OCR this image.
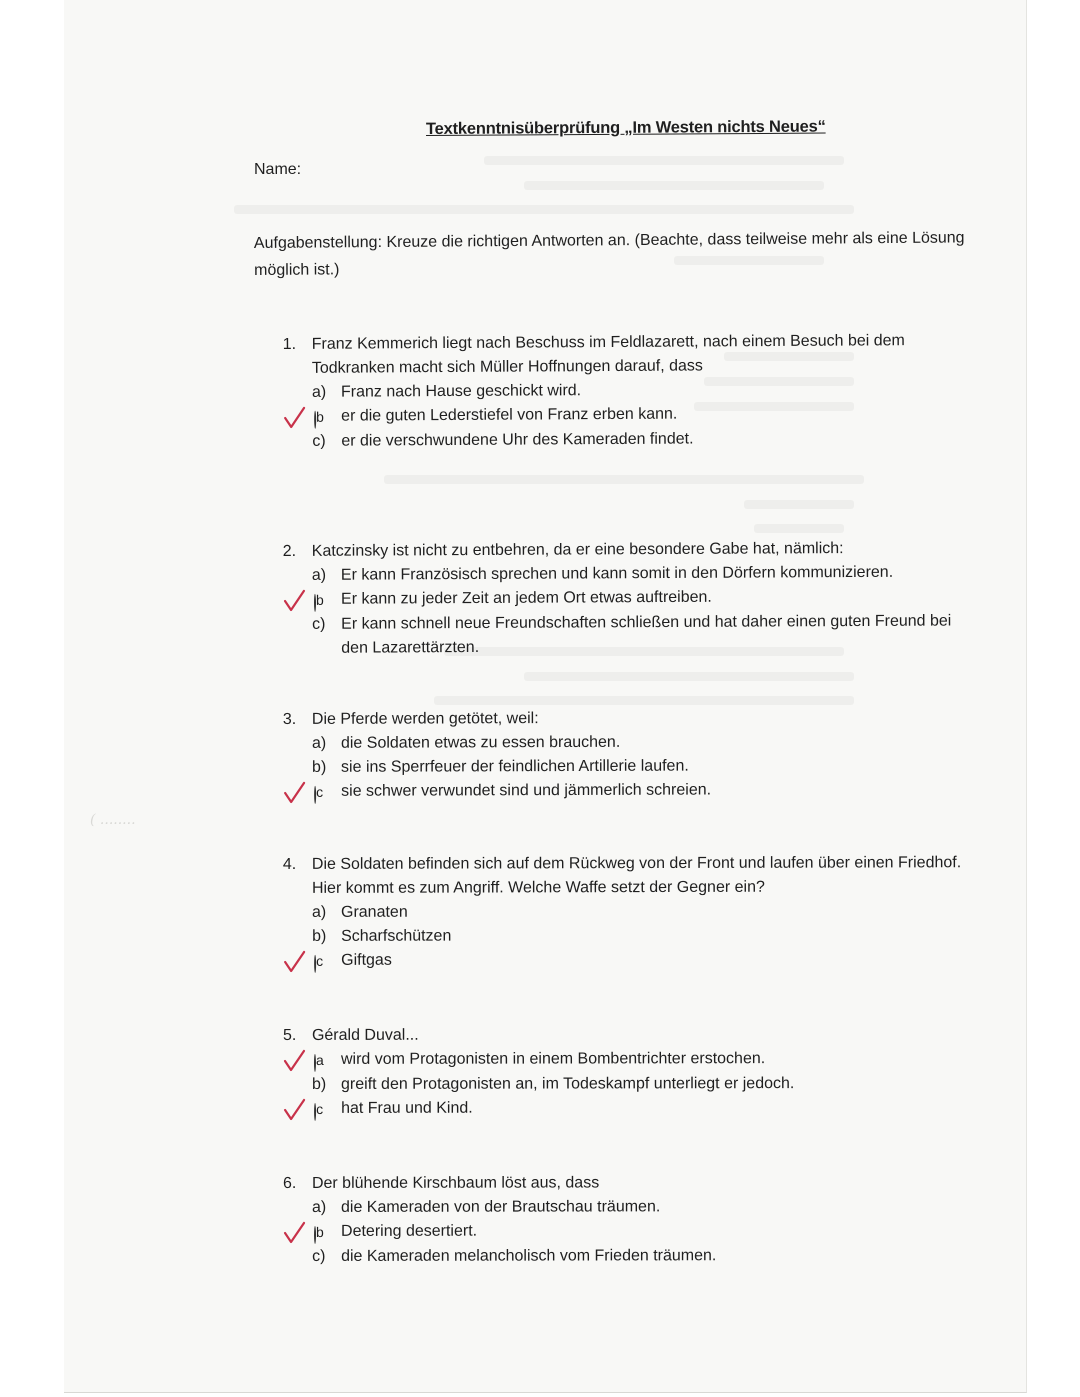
( ........
Textkenntnisüberprüfung „Im Westen nichts Neues“
Name:
Aufgabenstellung: Kreuze die richtigen Antworten an. (Beachte, dass teilweise mehr als eine Lösung möglich ist.)
1. Franz Kemmerich liegt nach Beschuss im Feldlazarett, nach einem Besuch bei dem Todkranken macht sich Müller Hoffnungen darauf, dass
a) Franz nach Hause geschickt wird.
b	er die guten Lederstiefel von Franz erben kann.
c) er die verschwundene Uhr des Kameraden findet.
2. Katczinsky ist nicht zu entbehren, da er eine besondere Gabe hat, nämlich:
a) Er kann Französisch sprechen und kann somit in den Dörfern kommunizieren.
b	Er kann zu jeder Zeit an jedem Ort etwas auftreiben.
c) Er kann schnell neue Freundschaften schließen und hat daher einen guten Freund bei den Lazarettärzten.
3. Die Pferde werden getötet, weil:
a) die Soldaten etwas zu essen brauchen.
b) sie ins Sperrfeuer der feindlichen Artillerie laufen.
c	sie schwer verwundet sind und jämmerlich schreien.
4. Die Soldaten befinden sich auf dem Rückweg von der Front und laufen über einen Friedhof. Hier kommt es zum Angriff. Welche Waffe setzt der Gegner ein?
a) Granaten
b) Scharfschützen
c	Giftgas
5. Gérald Duval...
a	wird vom Protagonisten in einem Bombentrichter erstochen.
b) greift den Protagonisten an, im Todeskampf unterliegt er jedoch.
c	hat Frau und Kind.
6. Der blühende Kirschbaum löst aus, dass
a) die Kameraden von der Brautschau träumen.
b	Detering desertiert.
c) die Kameraden melancholisch vom Frieden träumen.
